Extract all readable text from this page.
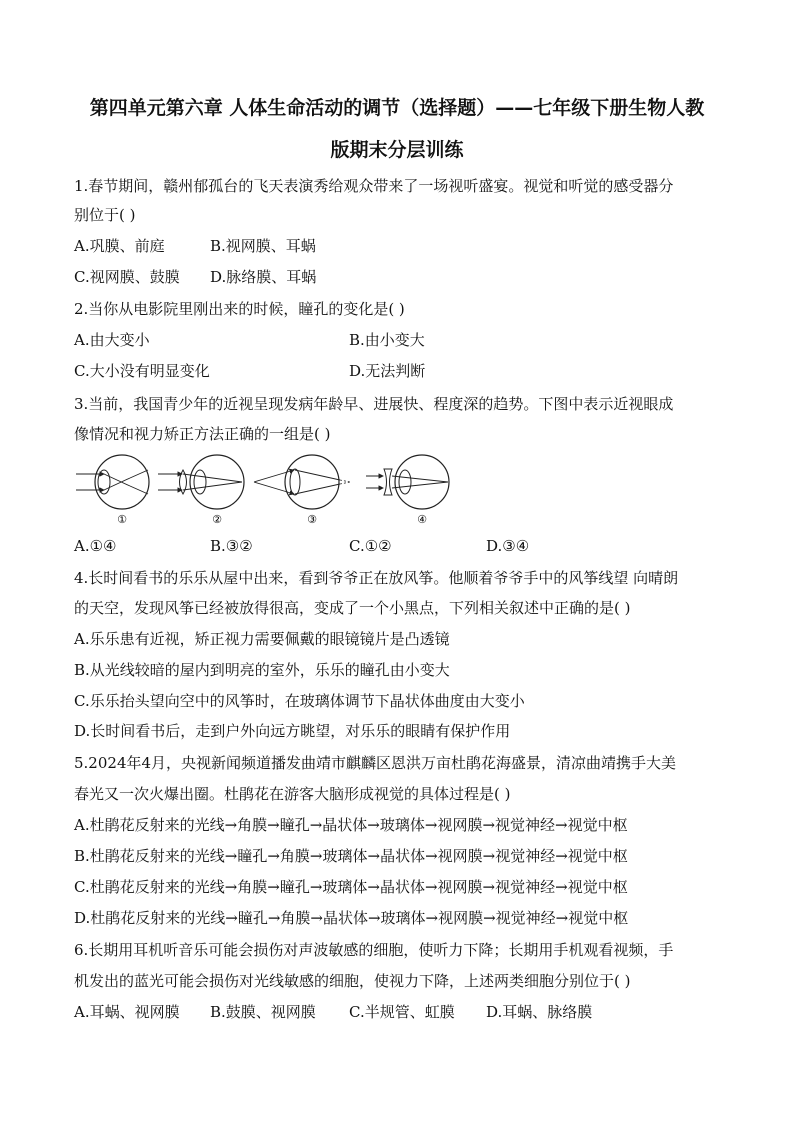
第四单元第六章 人体生命活动的调节（选择题）——七年级下册生物人教
版期末分层训练
1.春节期间，赣州郁孤台的飞天表演秀给观众带来了一场视听盛宴。视觉和听觉的感受器分
别位于( )
A.巩膜、前庭	B.视网膜、耳蜗
C.视网膜、鼓膜 D.脉络膜、耳蜗
2.当你从电影院里刚出来的时候，瞳孔的变化是( )
A.由大变小	B.由小变大
C.大小没有明显变化	D.无法判断
3.当前，我国青少年的近视呈现发病年龄早、进展快、程度深的趋势。下图中表示近视眼成
像情况和视力矫正方法正确的一组是( )
①	②	③	④
A.①④	B.③②	C.①②	D.③④
4.长时间看书的乐乐从屋中出来，看到爷爷正在放风筝。他顺着爷爷手中的风筝线望 向晴朗
的天空，发现风筝已经被放得很高，变成了一个小黑点，下列相关叙述中正确的是( )
A.乐乐患有近视，矫正视力需要佩戴的眼镜镜片是凸透镜
B.从光线较暗的屋内到明亮的室外，乐乐的瞳孔由小变大
C.乐乐抬头望向空中的风筝时，在玻璃体调节下晶状体曲度由大变小
D.长时间看书后，走到户外向远方眺望，对乐乐的眼睛有保护作用
5.2024年4月，央视新闻频道播发曲靖市麒麟区恩洪万亩杜鹃花海盛景，清凉曲靖携手大美
春光又一次火爆出圈。杜鹃花在游客大脑形成视觉的具体过程是( )
A.杜鹃花反射来的光线→角膜→瞳孔→晶状体→玻璃体→视网膜→视觉神经→视觉中枢
B.杜鹃花反射来的光线→瞳孔→角膜→玻璃体→晶状体→视网膜→视觉神经→视觉中枢
C.杜鹃花反射来的光线→角膜→瞳孔→玻璃体→晶状体→视网膜→视觉神经→视觉中枢
D.杜鹃花反射来的光线→瞳孔→角膜→晶状体→玻璃体→视网膜→视觉神经→视觉中枢
6.长期用耳机听音乐可能会损伤对声波敏感的细胞，使听力下降；长期用手机观看视频，手
机发出的蓝光可能会损伤对光线敏感的细胞，使视力下降，上述两类细胞分别位于( )
A.耳蜗、视网膜 B.鼓膜、视网膜 C.半规管、虹膜 D.耳蜗、脉络膜
